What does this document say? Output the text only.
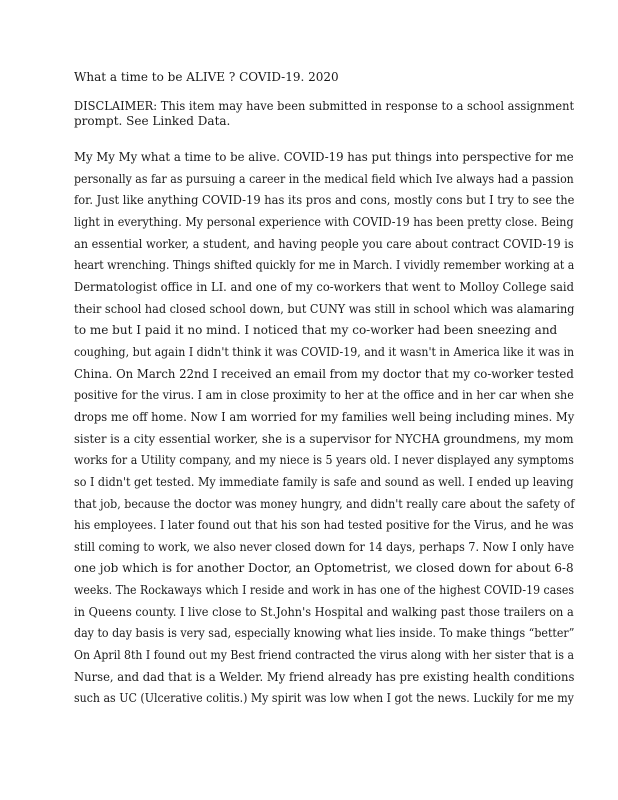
What a time to be ALIVE ? COVID-19. 2020
DISCLAIMER: This item may have been submitted in response to a school assignment
prompt. See Linked Data.
My My My what a time to be alive. COVID-19 has put things into perspective for me
personally as far as pursuing a career in the medical field which Ive always had a passion
for. Just like anything COVID-19 has its pros and cons, mostly cons but I try to see the
light in everything. My personal experience with COVID-19 has been pretty close. Being
an essential worker, a student, and having people you care about contract COVID-19 is
heart wrenching. Things shifted quickly for me in March. I vividly remember working at a
Dermatologist office in LI. and one of my co-workers that went to Molloy College said
their school had closed school down, but CUNY was still in school which was alamaring
to me but I paid it no mind. I noticed that my co-worker had been sneezing and
coughing, but again I didn't think it was COVID-19, and it wasn't in America like it was in
China. On March 22nd I received an email from my doctor that my co-worker tested
positive for the virus. I am in close proximity to her at the office and in her car when she
drops me off home. Now I am worried for my families well being including mines. My
sister is a city essential worker, she is a supervisor for NYCHA groundmens, my mom
works for a Utility company, and my niece is 5 years old. I never displayed any symptoms
so I didn't get tested. My immediate family is safe and sound as well. I ended up leaving
that job, because the doctor was money hungry, and didn't really care about the safety of
his employees. I later found out that his son had tested positive for the Virus, and he was
still coming to work, we also never closed down for 14 days, perhaps 7. Now I only have
one job which is for another Doctor, an Optometrist, we closed down for about 6-8
weeks. The Rockaways which I reside and work in has one of the highest COVID-19 cases
in Queens county. I live close to St.John's Hospital and walking past those trailers on a
day to day basis is very sad, especially knowing what lies inside. To make things “better”
On April 8th I found out my Best friend contracted the virus along with her sister that is a
Nurse, and dad that is a Welder. My friend already has pre existing health conditions
such as UC (Ulcerative colitis.) My spirit was low when I got the news. Luckily for me my
